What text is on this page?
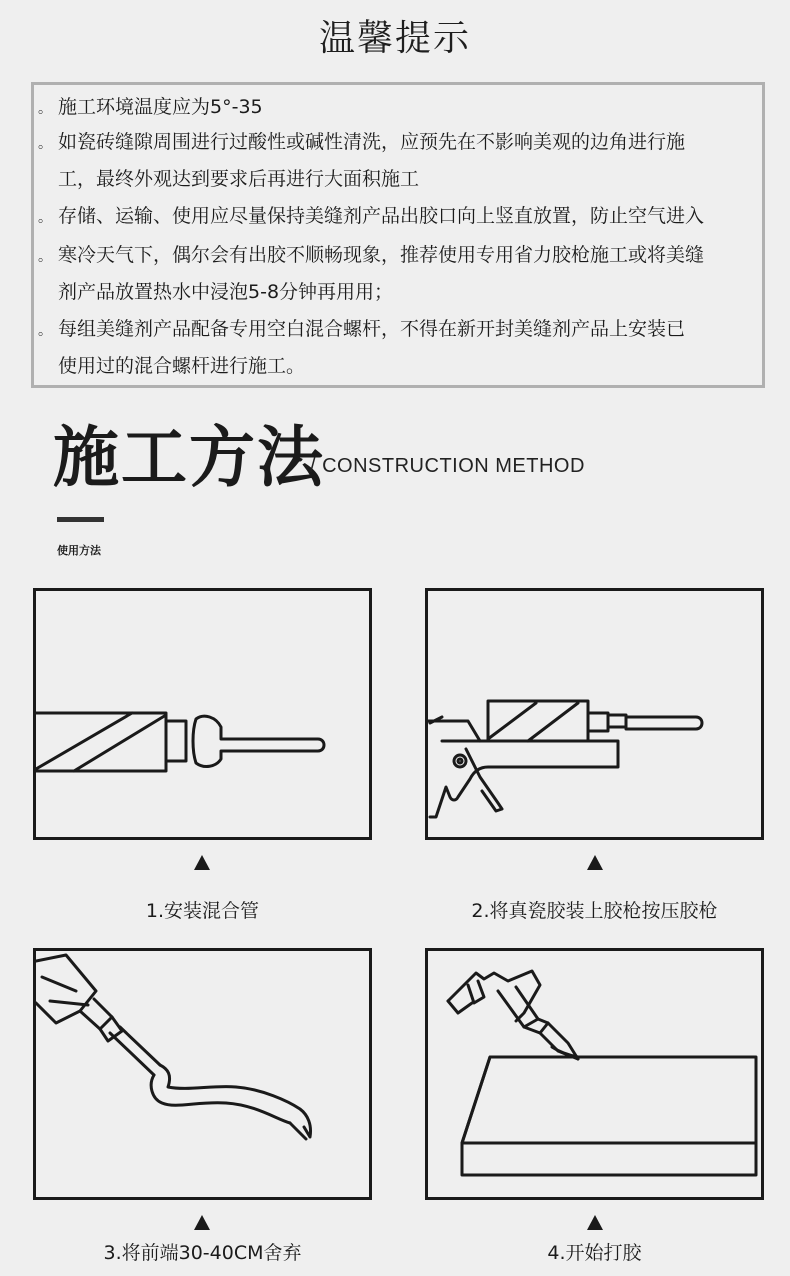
温馨提示
。 施工环境温度应为5°-35
。 如瓷砖缝隙周围进行过酸性或碱性清洗，应预先在不影响美观的边角进行施
工，最终外观达到要求后再进行大面积施工
。 存储、运输、使用应尽量保持美缝剂产品出胶口向上竖直放置，防止空气进入
。 寒冷天气下，偶尔会有出胶不顺畅现象，推荐使用专用省力胶枪施工或将美缝
剂产品放置热水中浸泡5-8分钟再用用；
。 每组美缝剂产品配备专用空白混合螺杆，不得在新开封美缝剂产品上安装已
使用过的混合螺杆进行施工。
施工方法
/ CONSTRUCTION METHOD
使用方法
1.安装混合管	2.将真瓷胶装上胶枪按压胶枪
3.将前端30-40CM舍弃	4.开始打胶
